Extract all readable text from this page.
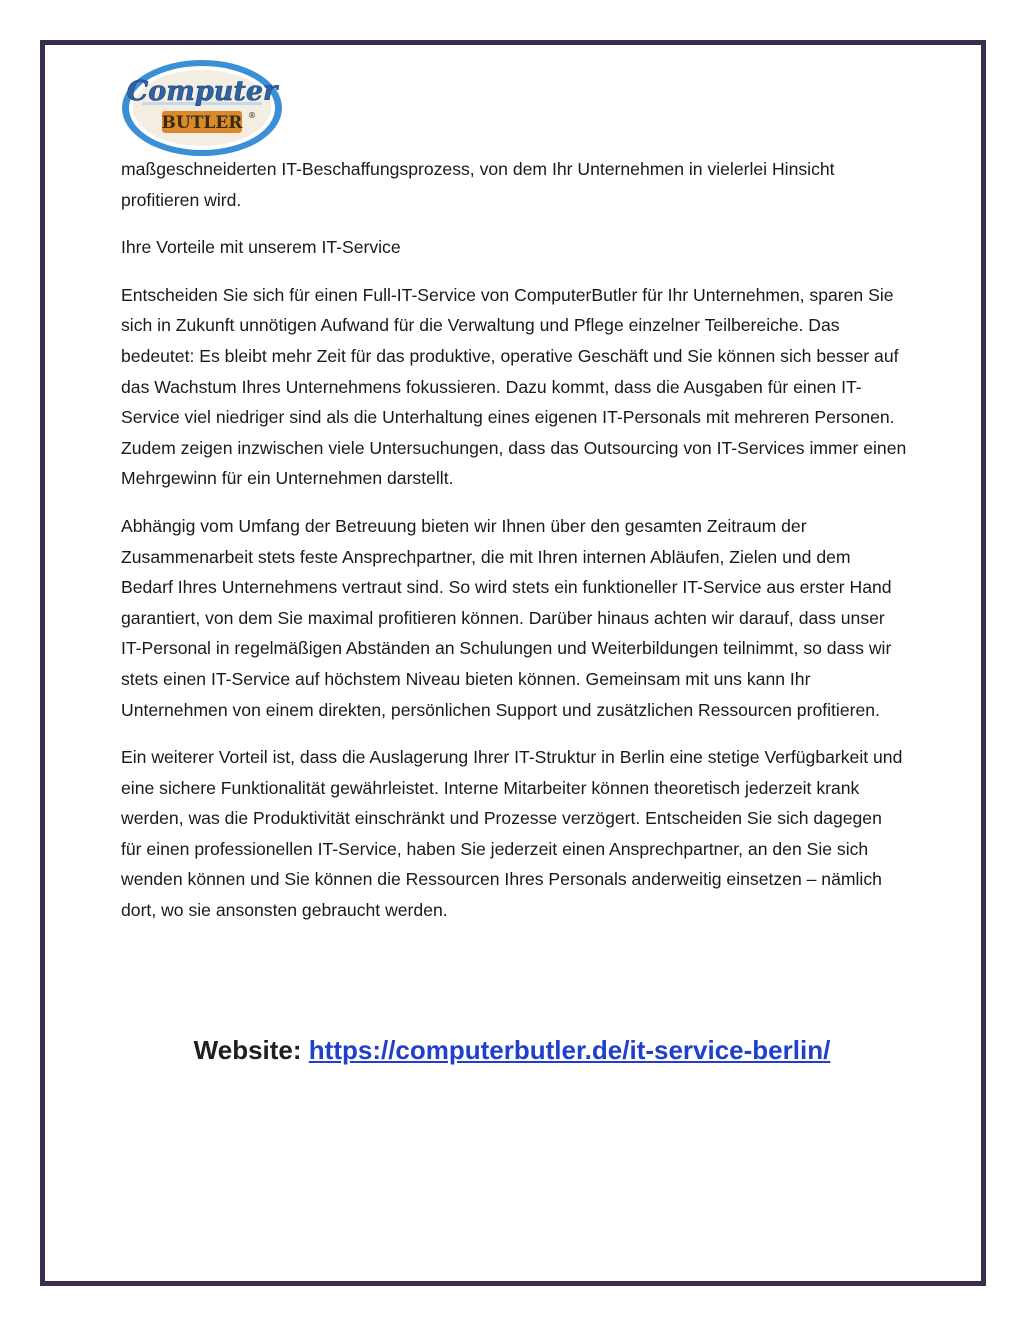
Computer
BUTLER ®

maßgeschneiderten IT-Beschaffungsprozess, von dem Ihr Unternehmen in vielerlei Hinsicht profitieren wird.

Ihre Vorteile mit unserem IT-Service

Entscheiden Sie sich für einen Full-IT-Service von ComputerButler für Ihr Unternehmen, sparen Sie sich in Zukunft unnötigen Aufwand für die Verwaltung und Pflege einzelner Teilbereiche. Das bedeutet: Es bleibt mehr Zeit für das produktive, operative Geschäft und Sie können sich besser auf das Wachstum Ihres Unternehmens fokussieren. Dazu kommt, dass die Ausgaben für einen IT-Service viel niedriger sind als die Unterhaltung eines eigenen IT-Personals mit mehreren Personen. Zudem zeigen inzwischen viele Untersuchungen, dass das Outsourcing von IT-Services immer einen Mehrgewinn für ein Unternehmen darstellt.

Abhängig vom Umfang der Betreuung bieten wir Ihnen über den gesamten Zeitraum der Zusammenarbeit stets feste Ansprechpartner, die mit Ihren internen Abläufen, Zielen und dem Bedarf Ihres Unternehmens vertraut sind. So wird stets ein funktioneller IT-Service aus erster Hand garantiert, von dem Sie maximal profitieren können. Darüber hinaus achten wir darauf, dass unser IT-Personal in regelmäßigen Abständen an Schulungen und Weiterbildungen teilnimmt, so dass wir stets einen IT-Service auf höchstem Niveau bieten können. Gemeinsam mit uns kann Ihr Unternehmen von einem direkten, persönlichen Support und zusätzlichen Ressourcen profitieren.

Ein weiterer Vorteil ist, dass die Auslagerung Ihrer IT-Struktur in Berlin eine stetige Verfügbarkeit und eine sichere Funktionalität gewährleistet. Interne Mitarbeiter können theoretisch jederzeit krank werden, was die Produktivität einschränkt und Prozesse verzögert. Entscheiden Sie sich dagegen für einen professionellen IT-Service, haben Sie jederzeit einen Ansprechpartner, an den Sie sich wenden können und Sie können die Ressourcen Ihres Personals anderweitig einsetzen – nämlich dort, wo sie ansonsten gebraucht werden.

Website: https://computerbutler.de/it-service-berlin/
